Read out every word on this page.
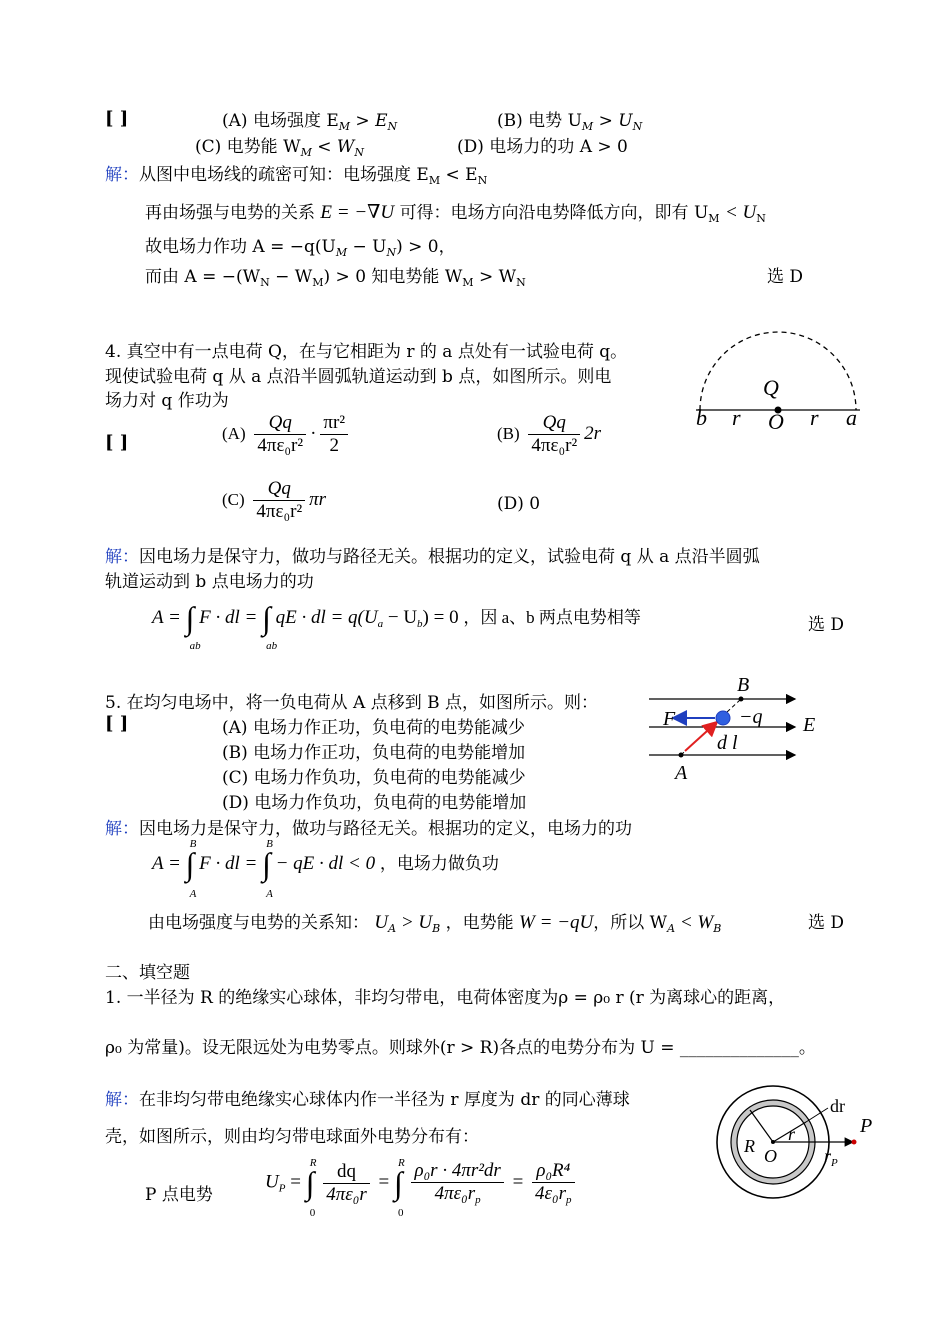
[ ]	(A) 电场强度 $E_M > E_N$	(B) 电势 $U_M > U_N$
(C) 电势能 $W_M < W_N$	(D) 电场力的功 A > 0
解：从图中电场线的疏密可知：电场强度 $E_M < E_N$
再由场强与电势的关系 E = −∇U 可得：电场方向沿电势降低方向，即有 $U_M < U_N$
故电场力作功 $A = -q(U_M - U_N) > 0$，
而由 $A = -(W_N - W_M) > 0$ 知电势能 $W_M > W_N$	选 D
4. 真空中有一点电荷 Q，在与它相距为 r 的 a 点处有一试验电荷 q。
现使试验电荷 q 从 a 点沿半圆弧轨道运动到 b 点，如图所示。则电
场力对 q 作功为
Q
b r O r a
[ ]	$(A) \frac{Qq}{\text{4πε₀r²}} \cdot \frac{\text{πr²}}{2}$	$(B) \frac{Qq}{\text{4πε₀r²}} 2r$
$(C) \frac{Qq}{\text{4πε₀r²}}$ πr	(D) 0
解：因电场力是保守力，做功与路径无关。根据功的定义，试验电荷 q 从 a 点沿半圆弧
轨道运动到 b 点电场力的功
A = ∫
ab
F · dl = ∫
ab
qE · dl = $q(U_a - U_b) = 0$ ，因 a、b 两点电势相等	选 D
5. 在均匀电场中，将一负电荷从 A 点移到 B 点，如图所示。则：
[ ]	(A) 电场力作正功，负电荷的电势能减少
(B) 电场力作正功，负电荷的电势能增加
(C) 电场力作负功，负电荷的电势能减少
(D) 电场力作负功，负电荷的电势能增加
B
A
F	−q E
d l
解：因电场力是保守力，做功与路径无关。根据功的定义，电场力的功
A = ∫
B
A
F · dl = ∫
B
A
− qE · dl < 0 ，电场力做负功
由电场强度与电势的关系知： $U_A > U_B$ ，电势能 W = −qU，所以 $W_A < W_B$	选 D
二、填空题
1. 一半径为 R 的绝缘实心球体，非均匀带电，电荷体密度为ρ = ρ₀ r (r 为离球心的距离，
ρ₀ 为常量)。设无限远处为电势零点。则球外(r > R)各点的电势分布为 U = ______________。
解：在非均匀带电绝缘实心球体内作一半径为 r 厚度为 dr 的同心薄球
壳，如图所示，则由均匀带电球面外电势分布有：	R O
r
dr
$r_P$
P
P 点电势
$U_P$ = ∫
R
0

$\frac{dq}{\text{4πε₀r}}$ = ∫
R
0

$\frac{\text{ρ₀r · 4πr²dr}}{4\pi\varepsilon_0r_p} = \frac{\text{ρ₀R⁴}}{4\varepsilon_0r_p}$
